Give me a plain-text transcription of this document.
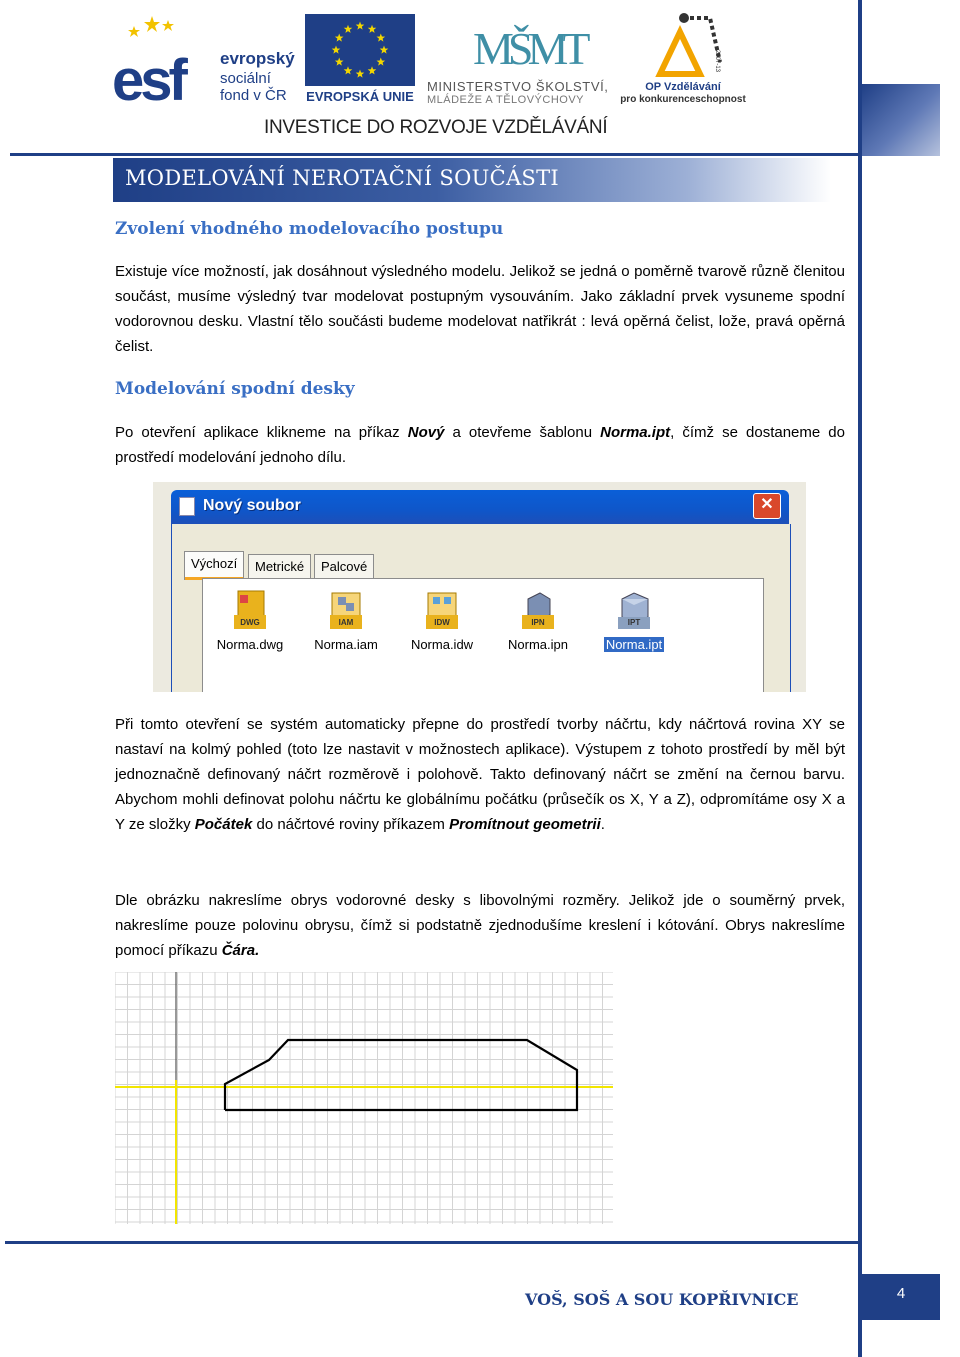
esf evropský
sociální
fond v ČR EVROPSKÁ UNIE
MŠMT
MINISTERSTVO ŠKOLSTVÍ,
MLÁDEŽE A TĚLOVÝCHOVY
2007-13
OP Vzdělávání
pro konkurenceschopnost
INVESTICE DO ROZVOJE VZDĚLÁVÁNÍ
MODELOVÁNÍ NEROTAČNÍ SOUČÁSTI
Zvolení vhodného modelovacího postupu
Existuje více možností, jak dosáhnout výsledného modelu. Jelikož se jedná o poměrně tvarově různě členitou součást, musíme výsledný tvar modelovat postupným vysouváním. Jako základní prvek vysuneme spodní vodorovnou desku. Vlastní tělo součásti budeme modelovat natřikrát : levá opěrná čelist, lože, pravá opěrná čelist.
Modelování spodní desky
Po otevření aplikace klikneme na příkaz Nový a otevřeme šablonu Norma.ipt, čímž se dostaneme do prostředí modelování jednoho dílu.
Nový soubor	✕
Výchozí	Metrické	Palcové
DWG
Norma.dwg
IAM
Norma.iam
IDW
Norma.idw
IPN
Norma.ipn
IPT
Norma.ipt
Při tomto otevření se systém automaticky přepne do prostředí tvorby náčrtu, kdy náčrtová rovina XY se nastaví na kolmý pohled (toto lze nastavit v možnostech aplikace). Výstupem z tohoto prostředí by měl být jednoznačně definovaný náčrt rozměrově i polohově. Takto definovaný náčrt se změní na černou barvu. Abychom mohli definovat polohu náčrtu ke globálnímu počátku (průsečík os X, Y a Z), odpromítáme osy X a Y ze složky Počátek do náčrtové roviny příkazem Promítnout geometrii.
Dle obrázku nakreslíme obrys vodorovné desky s libovolnými rozměry. Jelikož jde o souměrný prvek, nakreslíme pouze polovinu obrysu, čímž si podstatně zjednodušíme kreslení i kótování. Obrys nakreslíme pomocí příkazu Čára.
VOŠ, SOŠ A SOU KOPŘIVNICE	4
